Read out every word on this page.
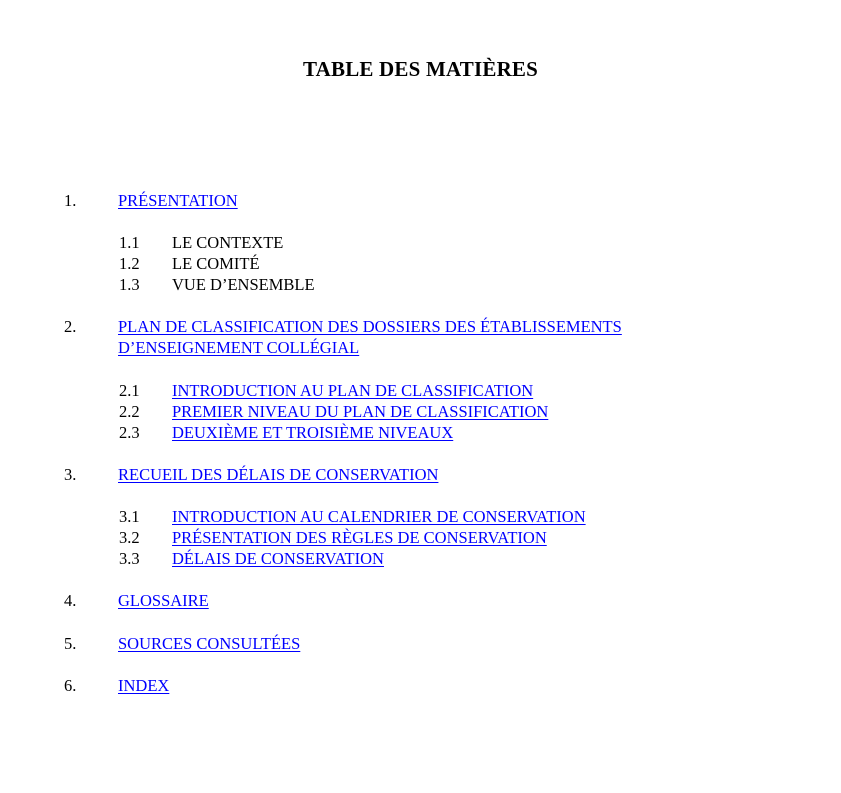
TABLE DES MATIÈRES
1.	PRÉSENTATION
1.1 LE CONTEXTE
1.2 LE COMITÉ
1.3 VUE D’ENSEMBLE
2.	PLAN DE CLASSIFICATION DES DOSSIERS DES ÉTABLISSEMENTS
D’ENSEIGNEMENT COLLÉGIAL
2.1 INTRODUCTION AU PLAN DE CLASSIFICATION
2.2 PREMIER NIVEAU DU PLAN DE CLASSIFICATION
2.3 DEUXIÈME ET TROISIÈME NIVEAUX
3.	RECUEIL DES DÉLAIS DE CONSERVATION
3.1 INTRODUCTION AU CALENDRIER DE CONSERVATION
3.2 PRÉSENTATION DES RÈGLES DE CONSERVATION
3.3 DÉLAIS DE CONSERVATION
4.	GLOSSAIRE
5.	SOURCES CONSULTÉES
6.	INDEX
